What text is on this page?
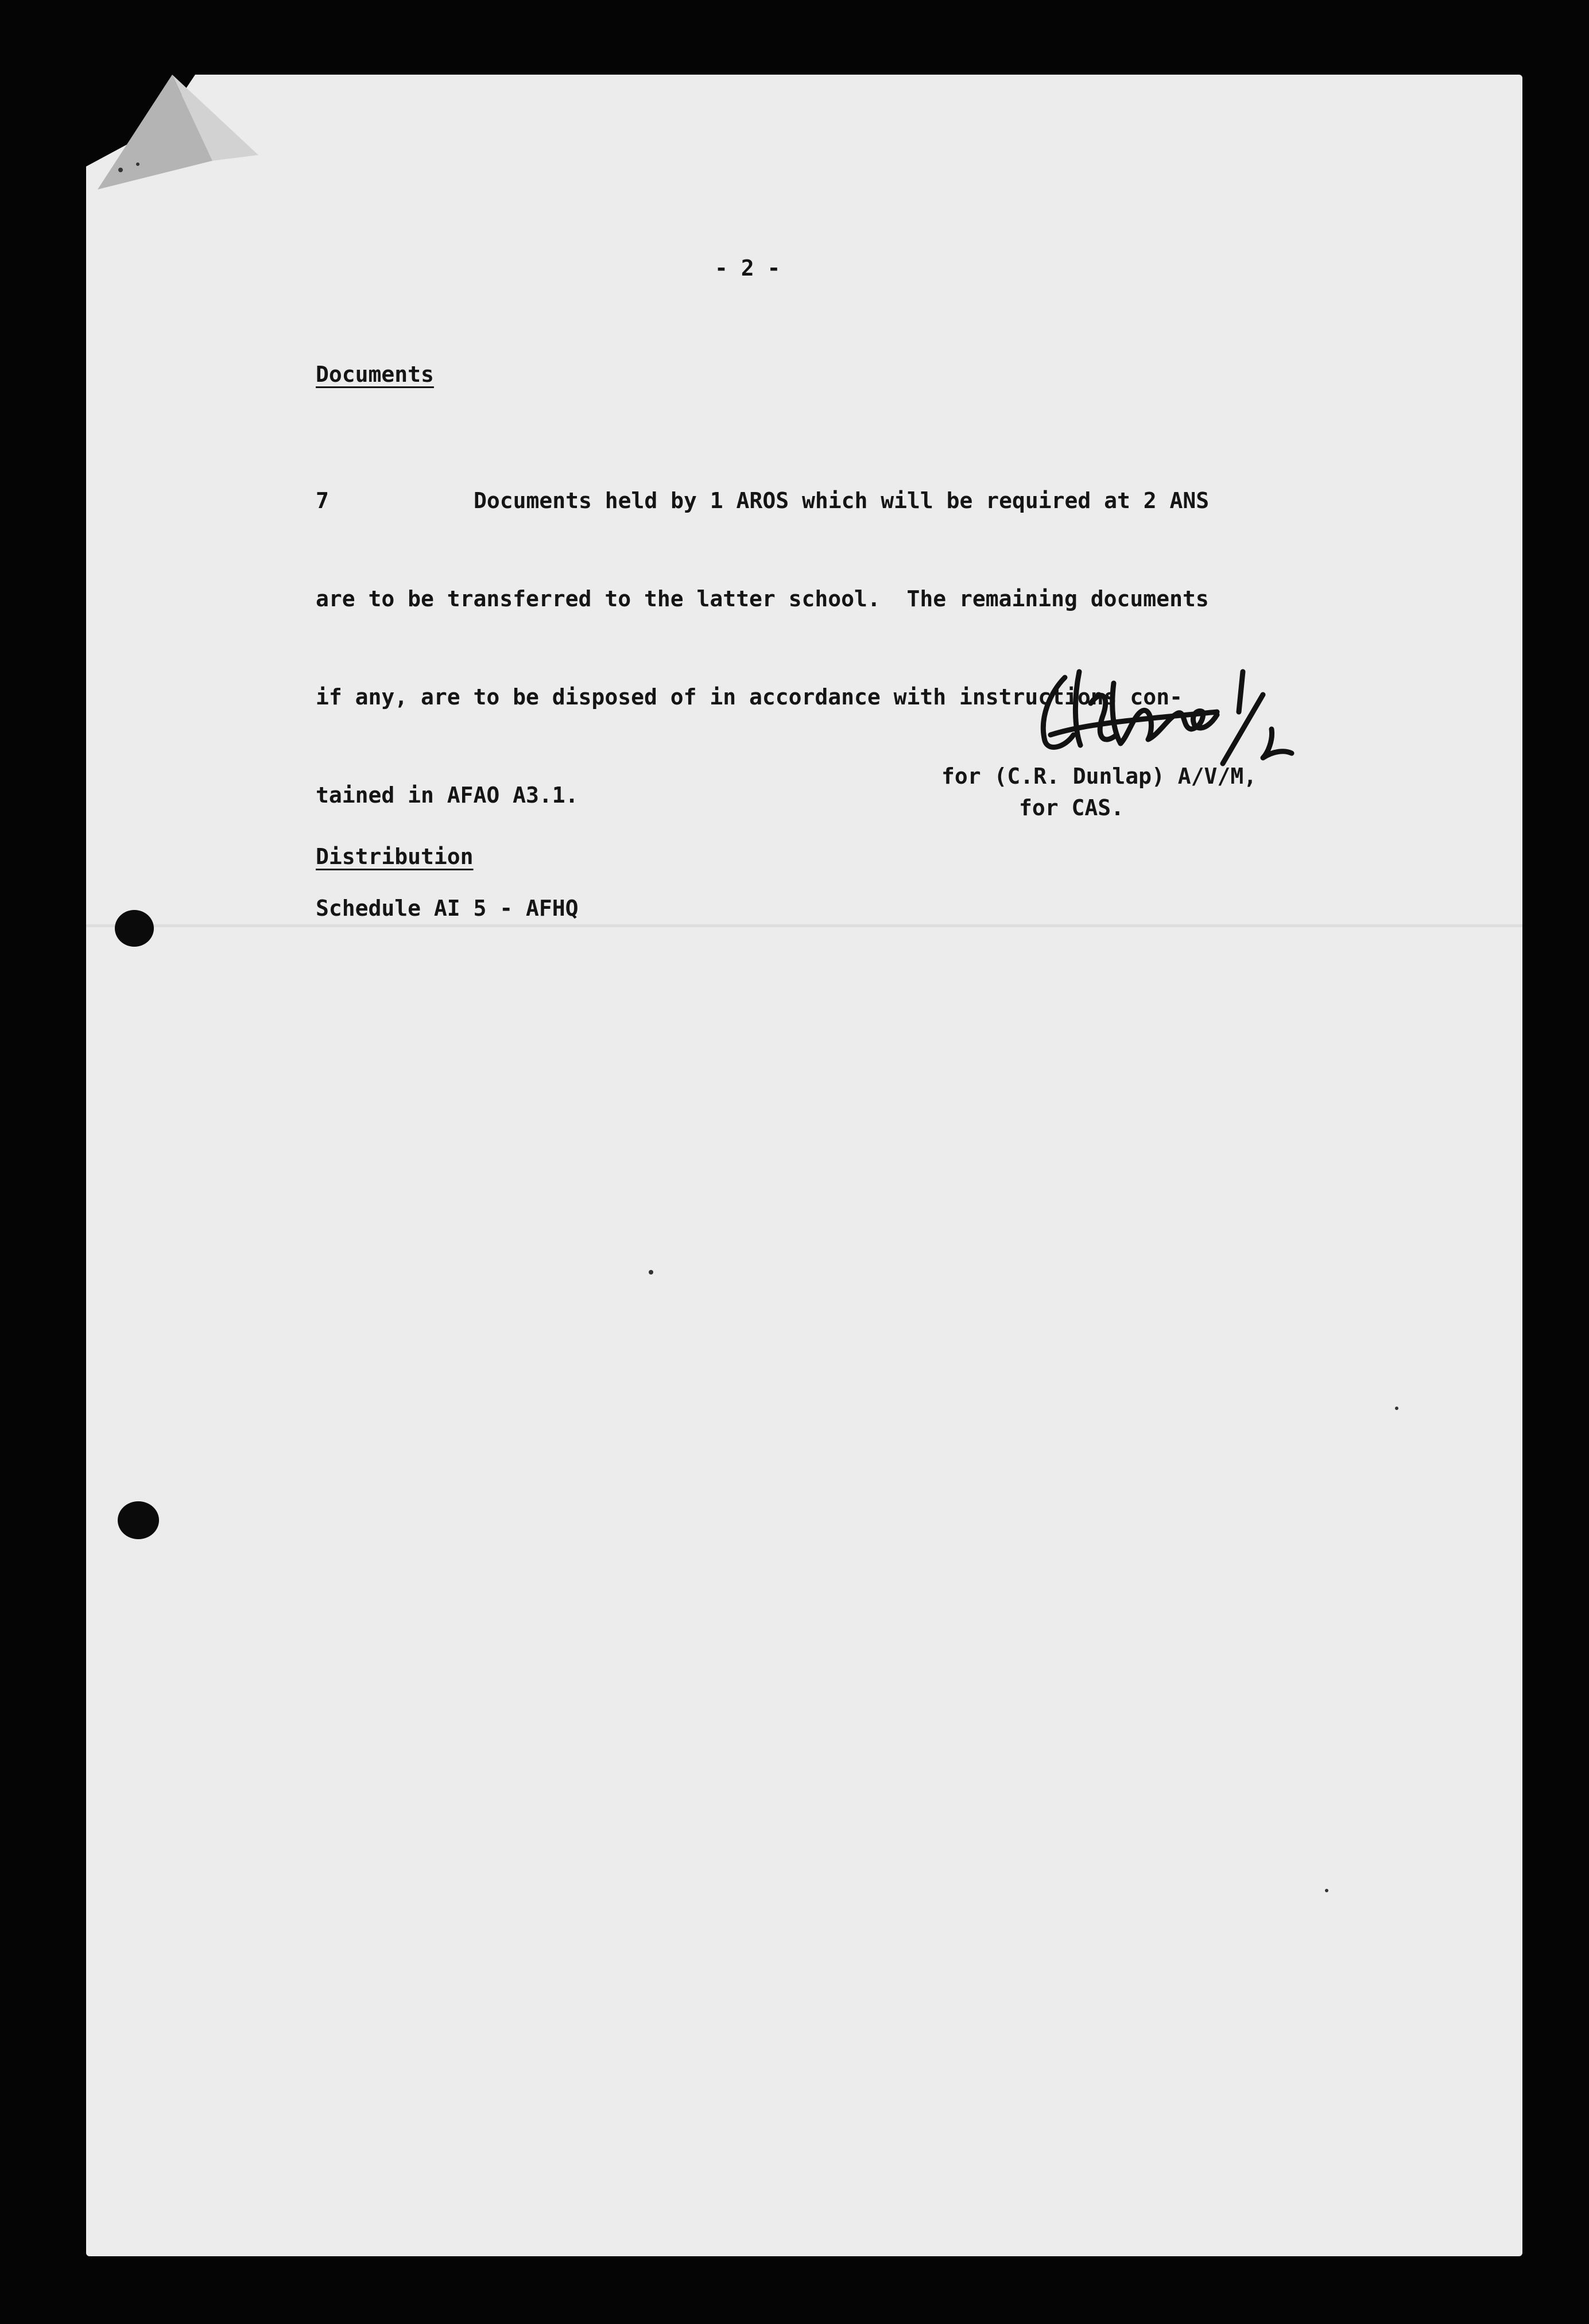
- 2 -

Documents

7	Documents held by 1 AROS which will be required at 2 ANS

are to be transferred to the latter school.  The remaining documents

if any, are to be disposed of in accordance with instructions con-

tained in AFAO A3.1.

for (C.R. Dunlap) A/V/M,

for CAS.

Distribution

Schedule AI 5 - AFHQ
